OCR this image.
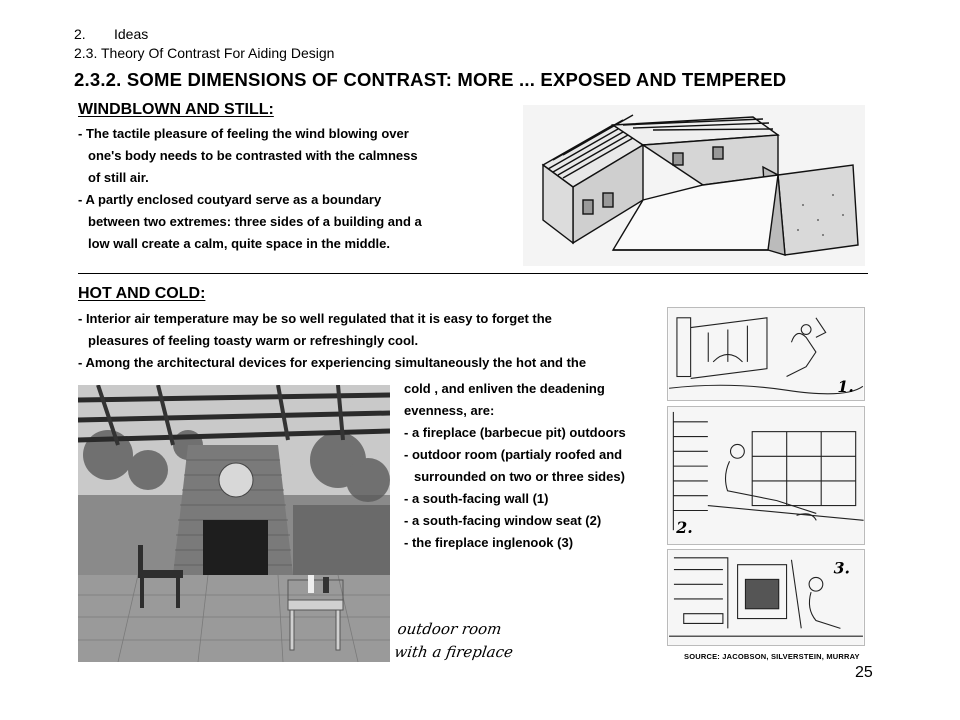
2. Ideas
2.3. Theory Of Contrast For Aiding Design
2.3.2. SOME DIMENSIONS OF CONTRAST: MORE ... EXPOSED AND TEMPERED
WINDBLOWN AND STILL:
- The tactile pleasure of feeling the wind blowing over
one's body needs to be contrasted with the calmness
of still air.
- A partly enclosed coutyard serve as a boundary
between two extremes: three sides of a building and a
low wall create a calm, quite space in the middle.
HOT AND COLD:
- Interior air temperature may be so well regulated that it is easy to forget the
pleasures of feeling toasty warm or refreshingly cool.
- Among the architectural devices for experiencing simultaneously the hot and the
cold , and enliven the deadening
evenness, are:
- a fireplace (barbecue pit) outdoors
- outdoor room (partialy roofed and
surrounded on two or three sides)
- a south-facing wall (1)
- a south-facing window seat (2)
- the fireplace inglenook (3)
outdoor room
with a fireplace
1.
2.
3.
SOURCE: JACOBSON, SILVERSTEIN, MURRAY
25
